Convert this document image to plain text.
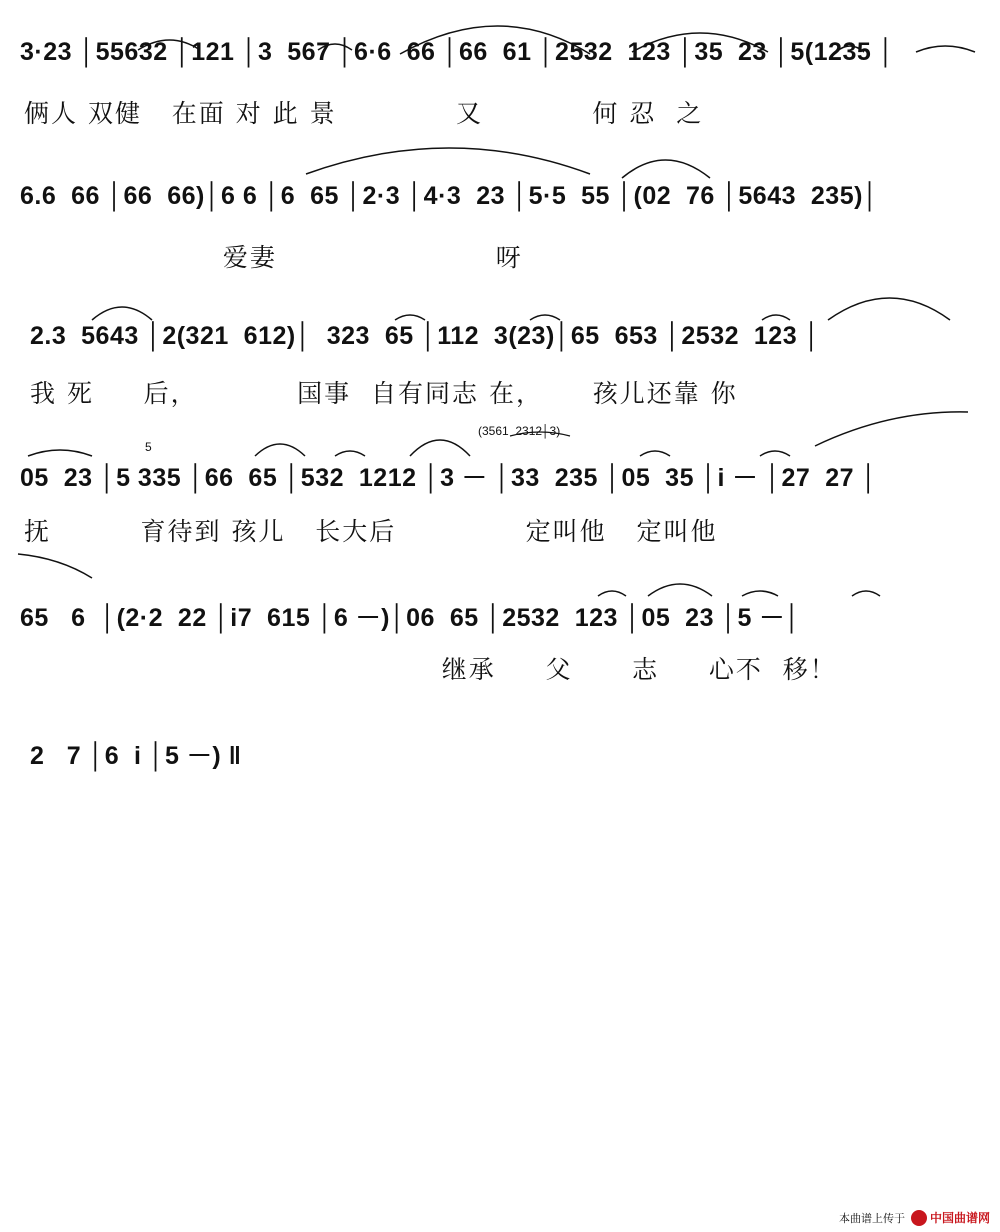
3·23 │55632 │121 │3  567 │6·6  66 │66  61 │2532  123 │35  23 │5(1235 │
俩人 双健   在面 对 此 景            又           何 忍  之
6.6  66 │66  66)│6 6 │6  65 │2·3 │4·3  23 │5·5  55 │(02  76 │5643  235)│
爱妻                      呀
2.3  5643 │2(321  612)│  323  65 │112  3(23)│65  653 │2532  123 │
我 死     后，          国事  自有同志 在，     孩儿还靠 你
05  23 │5 335 │66  65 │532  1212 │3 － │33  235 │05  35 │i － │27  27 │
抚         育待到 孩儿   长大后             定叫他   定叫他
(3561  2312│3)
5
65   6  │(2·2  22 │i7  615 │6 －)│06  65 │2532  123 │05  23 │5 －│
继承     父      志     心不  移！
2   7 │6  i │5 －) ‖
本曲谱上传于 中国曲谱网
